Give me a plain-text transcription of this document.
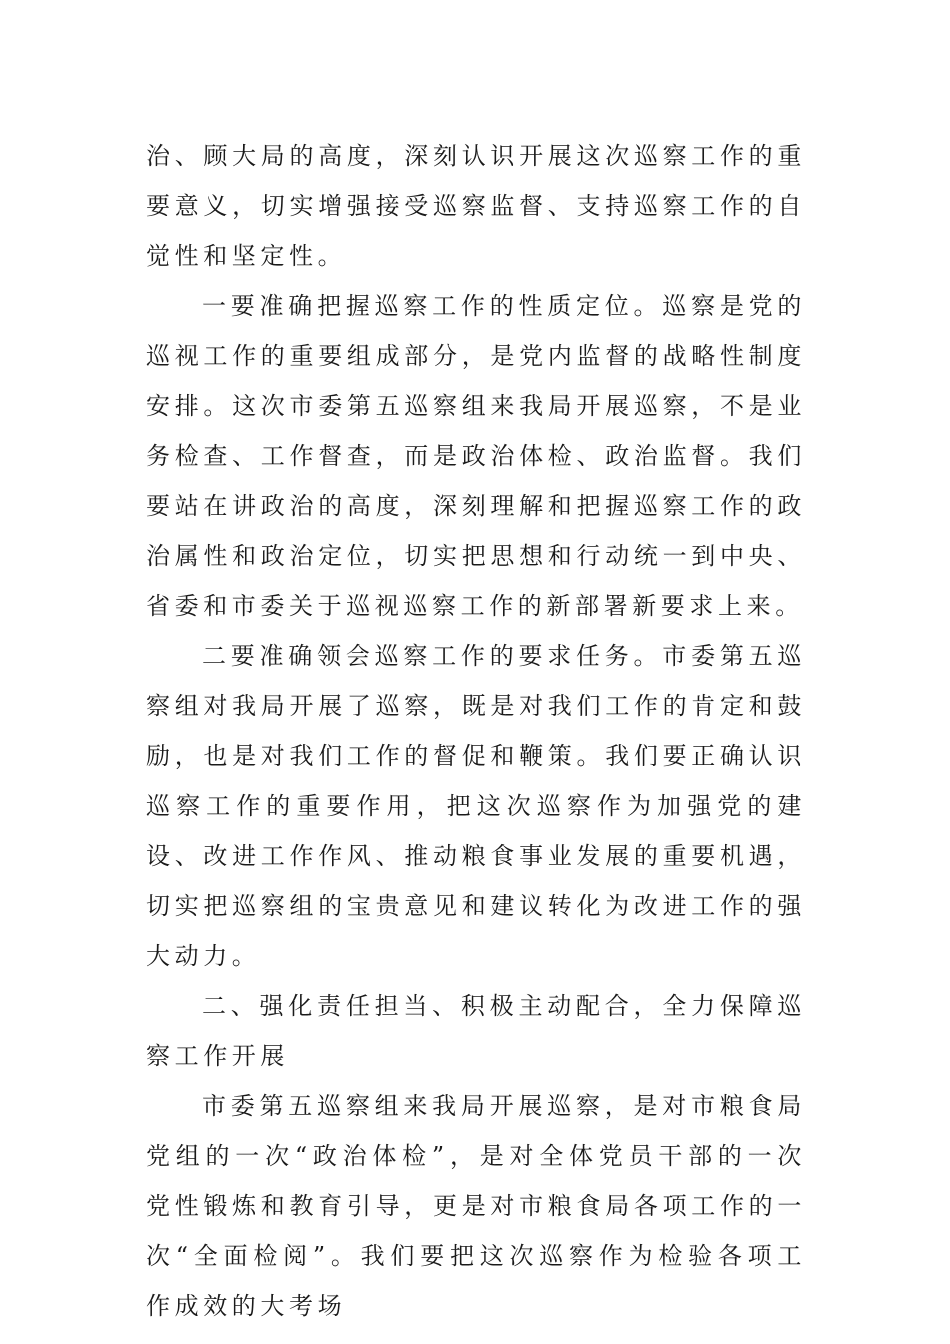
治、顾大局的高度，深刻认识开展这次巡察工作的重要意义，切实增强接受巡察监督、支持巡察工作的自觉性和坚定性。

一要准确把握巡察工作的性质定位。巡察是党的巡视工作的重要组成部分，是党内监督的战略性制度安排。这次市委第五巡察组来我局开展巡察，不是业务检查、工作督查，而是政治体检、政治监督。我们要站在讲政治的高度，深刻理解和把握巡察工作的政治属性和政治定位，切实把思想和行动统一到中央、省委和市委关于巡视巡察工作的新部署新要求上来。

二要准确领会巡察工作的要求任务。市委第五巡察组对我局开展了巡察，既是对我们工作的肯定和鼓励，也是对我们工作的督促和鞭策。我们要正确认识巡察工作的重要作用，把这次巡察作为加强党的建设、改进工作作风、推动粮食事业发展的重要机遇，切实把巡察组的宝贵意见和建议转化为改进工作的强大动力。

二、强化责任担当、积极主动配合，全力保障巡察工作开展

市委第五巡察组来我局开展巡察，是对市粮食局党组的一次“政治体检”，是对全体党员干部的一次党性锻炼和教育引导，更是对市粮食局各项工作的一次“全面检阅”。我们要把这次巡察作为检验各项工作成效的大考场
